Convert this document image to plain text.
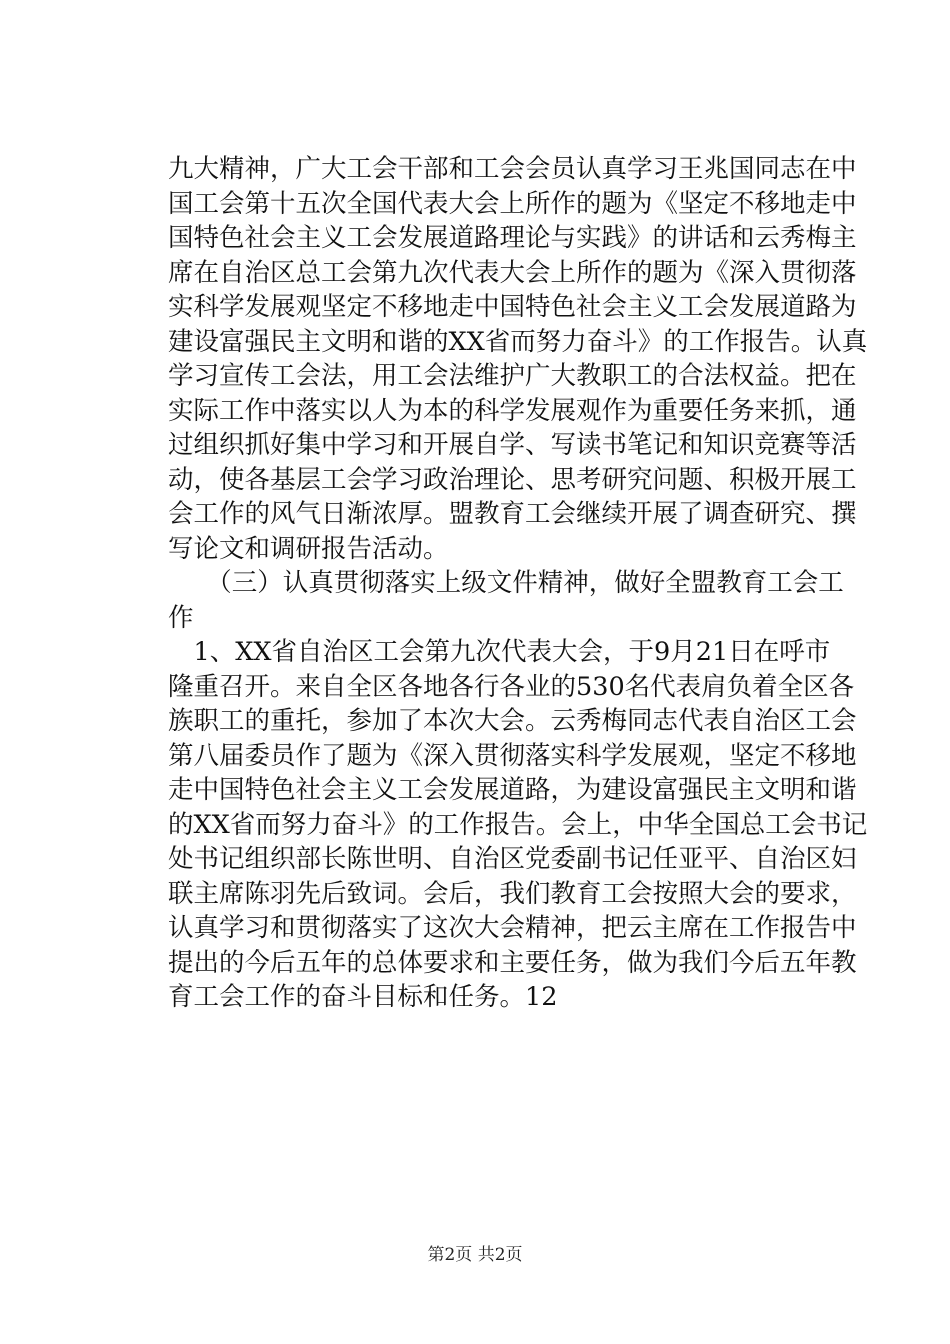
九大精神，广大工会干部和工会会员认真学习王兆国同志在中
国工会第十五次全国代表大会上所作的题为《坚定不移地走中
国特色社会主义工会发展道路理论与实践》的讲话和云秀梅主
席在自治区总工会第九次代表大会上所作的题为《深入贯彻落
实科学发展观坚定不移地走中国特色社会主义工会发展道路为
建设富强民主文明和谐的XX省而努力奋斗》的工作报告。认真
学习宣传工会法，用工会法维护广大教职工的合法权益。把在
实际工作中落实以人为本的科学发展观作为重要任务来抓，通
过组织抓好集中学习和开展自学、写读书笔记和知识竞赛等活
动，使各基层工会学习政治理论、思考研究问题、积极开展工
会工作的风气日渐浓厚。盟教育工会继续开展了调查研究、撰
写论文和调研报告活动。
　　（三）认真贯彻落实上级文件精神，做好全盟教育工会工
作
　1、XX省自治区工会第九次代表大会，于9月21日在呼市
隆重召开。来自全区各地各行各业的530名代表肩负着全区各
族职工的重托，参加了本次大会。云秀梅同志代表自治区工会
第八届委员作了题为《深入贯彻落实科学发展观，坚定不移地
走中国特色社会主义工会发展道路，为建设富强民主文明和谐
的XX省而努力奋斗》的工作报告。会上，中华全国总工会书记
处书记组织部长陈世明、自治区党委副书记任亚平、自治区妇
联主席陈羽先后致词。会后，我们教育工会按照大会的要求，
认真学习和贯彻落实了这次大会精神，把云主席在工作报告中
提出的今后五年的总体要求和主要任务，做为我们今后五年教
育工会工作的奋斗目标和任务。12
第2页 共2页
